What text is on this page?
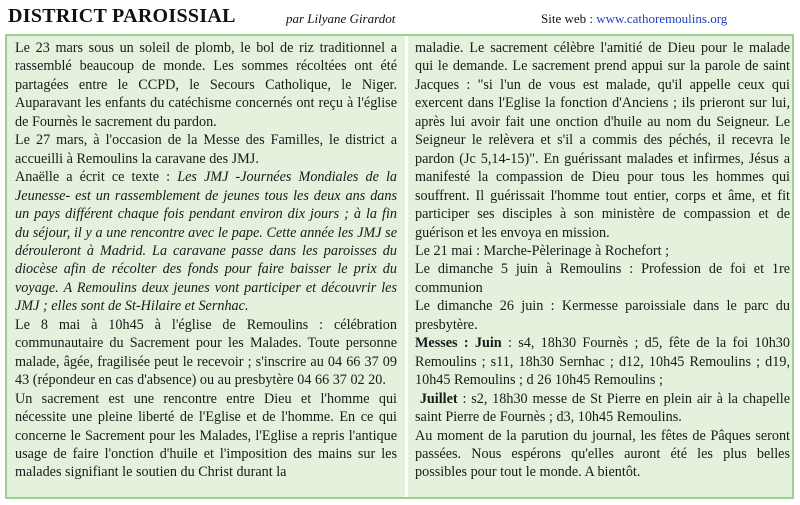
DISTRICT PAROISSIAL	par Lilyane Girardot	Site web : www.cathoremoulins.org

Le 23 mars sous un soleil de plomb, le bol de riz traditionnel a rassemblé beaucoup de monde. Les sommes récoltées ont été partagées entre le CCPD, le Secours Catholique, le Niger. Auparavant les enfants du catéchisme concernés ont reçu à l'église de Fournès le sacrement du pardon.

Le 27 mars, à l'occasion de la Messe des Familles, le district a accueilli à Remoulins la caravane des JMJ.

Anaëlle a écrit ce texte : Les JMJ -Journées Mondiales de la Jeunesse- est un rassemblement de jeunes tous les deux ans dans un pays différent chaque fois pendant environ dix jours ; à la fin du séjour, il y a une rencontre avec le pape. Cette année les JMJ se dérouleront à Madrid. La caravane passe dans les paroisses du diocèse afin de récolter des fonds pour faire baisser le prix du voyage. A Remoulins deux jeunes vont participer et découvrir les JMJ ; elles sont de St-Hilaire et Sernhac.

Le 8 mai à 10h45 à l'église de Remoulins : célébration communautaire du Sacrement pour les Malades. Toute personne malade, âgée, fragilisée peut le recevoir ; s'inscrire au 04 66 37 09 43 (répondeur en cas d'absence) ou au presbytère 04 66 37 02 20.

Un sacrement est une rencontre entre Dieu et l'homme qui nécessite une pleine liberté de l'Eglise et de l'homme. En ce qui concerne le Sacrement pour les Malades, l'Eglise a repris l'antique usage de faire l'onction d'huile et l'imposition des mains sur les malades signifiant le soutien du Christ durant la

maladie. Le sacrement célèbre l'amitié de Dieu pour le malade qui le demande. Le sacrement prend appui sur la parole de saint Jacques : "si l'un de vous est malade, qu'il appelle ceux qui exercent dans l'Eglise la fonction d'Anciens ; ils prieront sur lui, après lui avoir fait une onction d'huile au nom du Seigneur. Le Seigneur le relèvera et s'il a commis des péchés, il recevra le pardon (Jc 5,14-15)". En guérissant malades et infirmes, Jésus a manifesté la compassion de Dieu pour tous les hommes qui souffrent. Il guérissait l'homme tout entier, corps et âme, et fit participer ses disciples à son ministère de compassion et de guérison et les envoya en mission.

Le 21 mai : Marche-Pèlerinage à Rochefort ;

Le dimanche 5 juin à Remoulins : Profession de foi et 1re communion

Le dimanche 26 juin : Kermesse paroissiale dans le parc du presbytère.

Messes : Juin : s4, 18h30 Fournès ; d5, fête de la foi 10h30 Remoulins ; s11, 18h30 Sernhac ; d12, 10h45 Remoulins ; d19, 10h45 Remoulins ; d 26 10h45 Remoulins ;

Juillet : s2, 18h30 messe de St Pierre en plein air à la chapelle saint Pierre de Fournès ; d3, 10h45 Remoulins.

Au moment de la parution du journal, les fêtes de Pâques seront passées. Nous espérons qu'elles auront été les plus belles possibles pour tout le monde. A bientôt.
